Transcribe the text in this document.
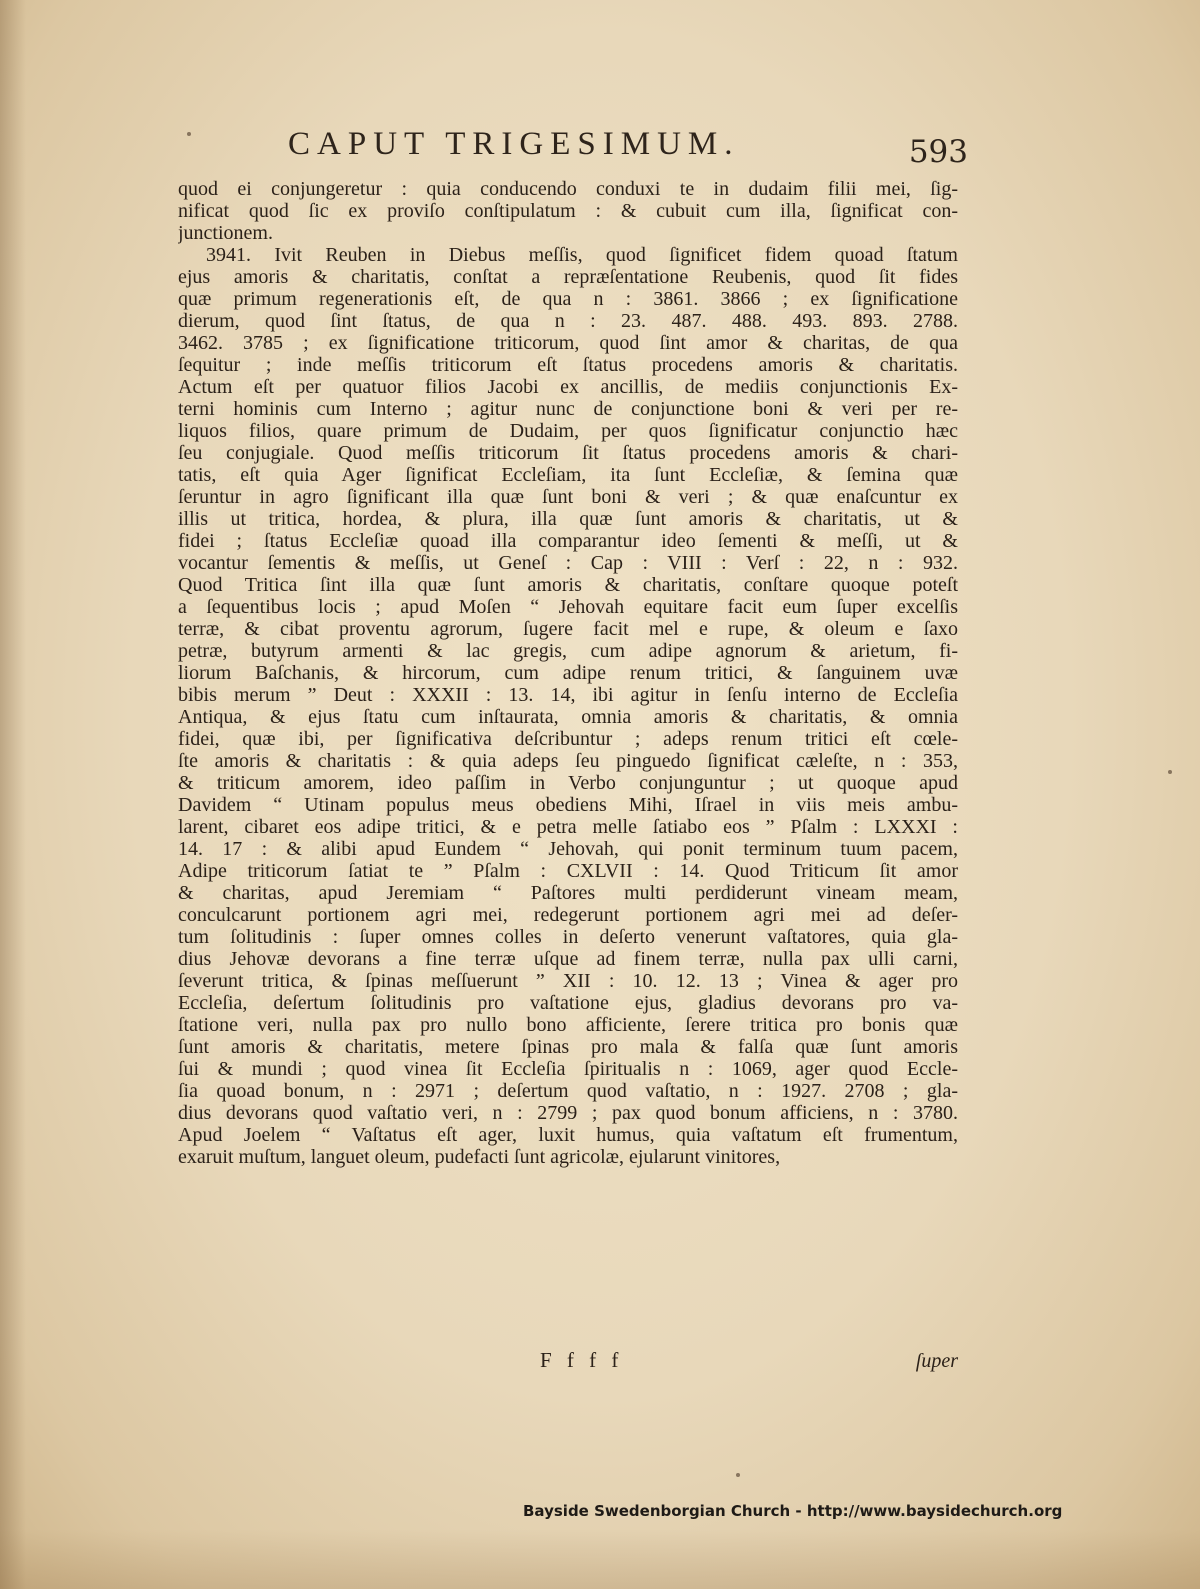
CAPUT TRIGESIMUM.	593
quod ei conjungeretur : quia conducendo conduxi te in dudaim filii mei, ſig-
nificat quod ſic ex proviſo conſtipulatum : & cubuit cum illa, ſignificat con-
junctionem.
3941. Ivit Reuben in Diebus meſſis, quod ſignificet fidem quoad ſtatum
ejus amoris & charitatis, conſtat a repræſentatione Reubenis, quod ſit fides
quæ primum regenerationis eſt, de qua n : 3861. 3866 ; ex ſignificatione
dierum, quod ſint ſtatus, de qua n : 23. 487. 488. 493. 893. 2788.
3462. 3785 ; ex ſignificatione triticorum, quod ſint amor & charitas, de qua
ſequitur ; inde meſſis triticorum eſt ſtatus procedens amoris & charitatis.
Actum eſt per quatuor filios Jacobi ex ancillis, de mediis conjunctionis Ex-
terni hominis cum Interno ; agitur nunc de conjunctione boni & veri per re-
liquos filios, quare primum de Dudaim, per quos ſignificatur conjunctio hæc
ſeu conjugiale. Quod meſſis triticorum ſit ſtatus procedens amoris & chari-
tatis, eſt quia Ager ſignificat Eccleſiam, ita ſunt Eccleſiæ, & ſemina quæ
ſeruntur in agro ſignificant illa quæ ſunt boni & veri ; & quæ enaſcuntur ex
illis ut tritica, hordea, & plura, illa quæ ſunt amoris & charitatis, ut &
fidei ; ſtatus Eccleſiæ quoad illa comparantur ideo ſementi & meſſi, ut &
vocantur ſementis & meſſis, ut Geneſ : Cap : VIII : Verſ : 22, n : 932.
Quod Tritica ſint illa quæ ſunt amoris & charitatis, conſtare quoque poteſt
a ſequentibus locis ; apud Moſen “ Jehovah equitare facit eum ſuper excelſis
terræ, & cibat proventu agrorum, ſugere facit mel e rupe, & oleum e ſaxo
petræ, butyrum armenti & lac gregis, cum adipe agnorum & arietum, fi-
liorum Baſchanis, & hircorum, cum adipe renum tritici, & ſanguinem uvæ
bibis merum ” Deut : XXXII : 13. 14, ibi agitur in ſenſu interno de Eccleſia
Antiqua, & ejus ſtatu cum inſtaurata, omnia amoris & charitatis, & omnia
fidei, quæ ibi, per ſignificativa deſcribuntur ; adeps renum tritici eſt cœle-
ſte amoris & charitatis : & quia adeps ſeu pinguedo ſignificat cæleſte, n : 353,
& triticum amorem, ideo paſſim in Verbo conjunguntur ; ut quoque apud
Davidem “ Utinam populus meus obediens Mihi, Iſrael in viis meis ambu-
larent, cibaret eos adipe tritici, & e petra melle ſatiabo eos ” Pſalm : LXXXI :
14. 17 : & alibi apud Eundem “ Jehovah, qui ponit terminum tuum pacem,
Adipe triticorum ſatiat te ” Pſalm : CXLVII : 14. Quod Triticum ſit amor
& charitas, apud Jeremiam “ Paſtores multi perdiderunt vineam meam,
conculcarunt portionem agri mei, redegerunt portionem agri mei ad deſer-
tum ſolitudinis : ſuper omnes colles in deſerto venerunt vaſtatores, quia gla-
dius Jehovæ devorans a fine terræ uſque ad finem terræ, nulla pax ulli carni,
ſeverunt tritica, & ſpinas meſſuerunt ” XII : 10. 12. 13 ; Vinea & ager pro
Eccleſia, deſertum ſolitudinis pro vaſtatione ejus, gladius devorans pro va-
ſtatione veri, nulla pax pro nullo bono afficiente, ſerere tritica pro bonis quæ
ſunt amoris & charitatis, metere ſpinas pro mala & falſa quæ ſunt amoris
ſui & mundi ; quod vinea ſit Eccleſia ſpiritualis n : 1069, ager quod Eccle-
ſia quoad bonum, n : 2971 ; deſertum quod vaſtatio, n : 1927. 2708 ; gla-
dius devorans quod vaſtatio veri, n : 2799 ; pax quod bonum afficiens, n : 3780.
Apud Joelem “ Vaſtatus eſt ager, luxit humus, quia vaſtatum eſt frumentum,
exaruit muſtum, languet oleum, pudefacti ſunt agricolæ, ejularunt vinitores,
F f f f	ſuper
Bayside Swedenborgian Church - http://www.baysidechurch.org
